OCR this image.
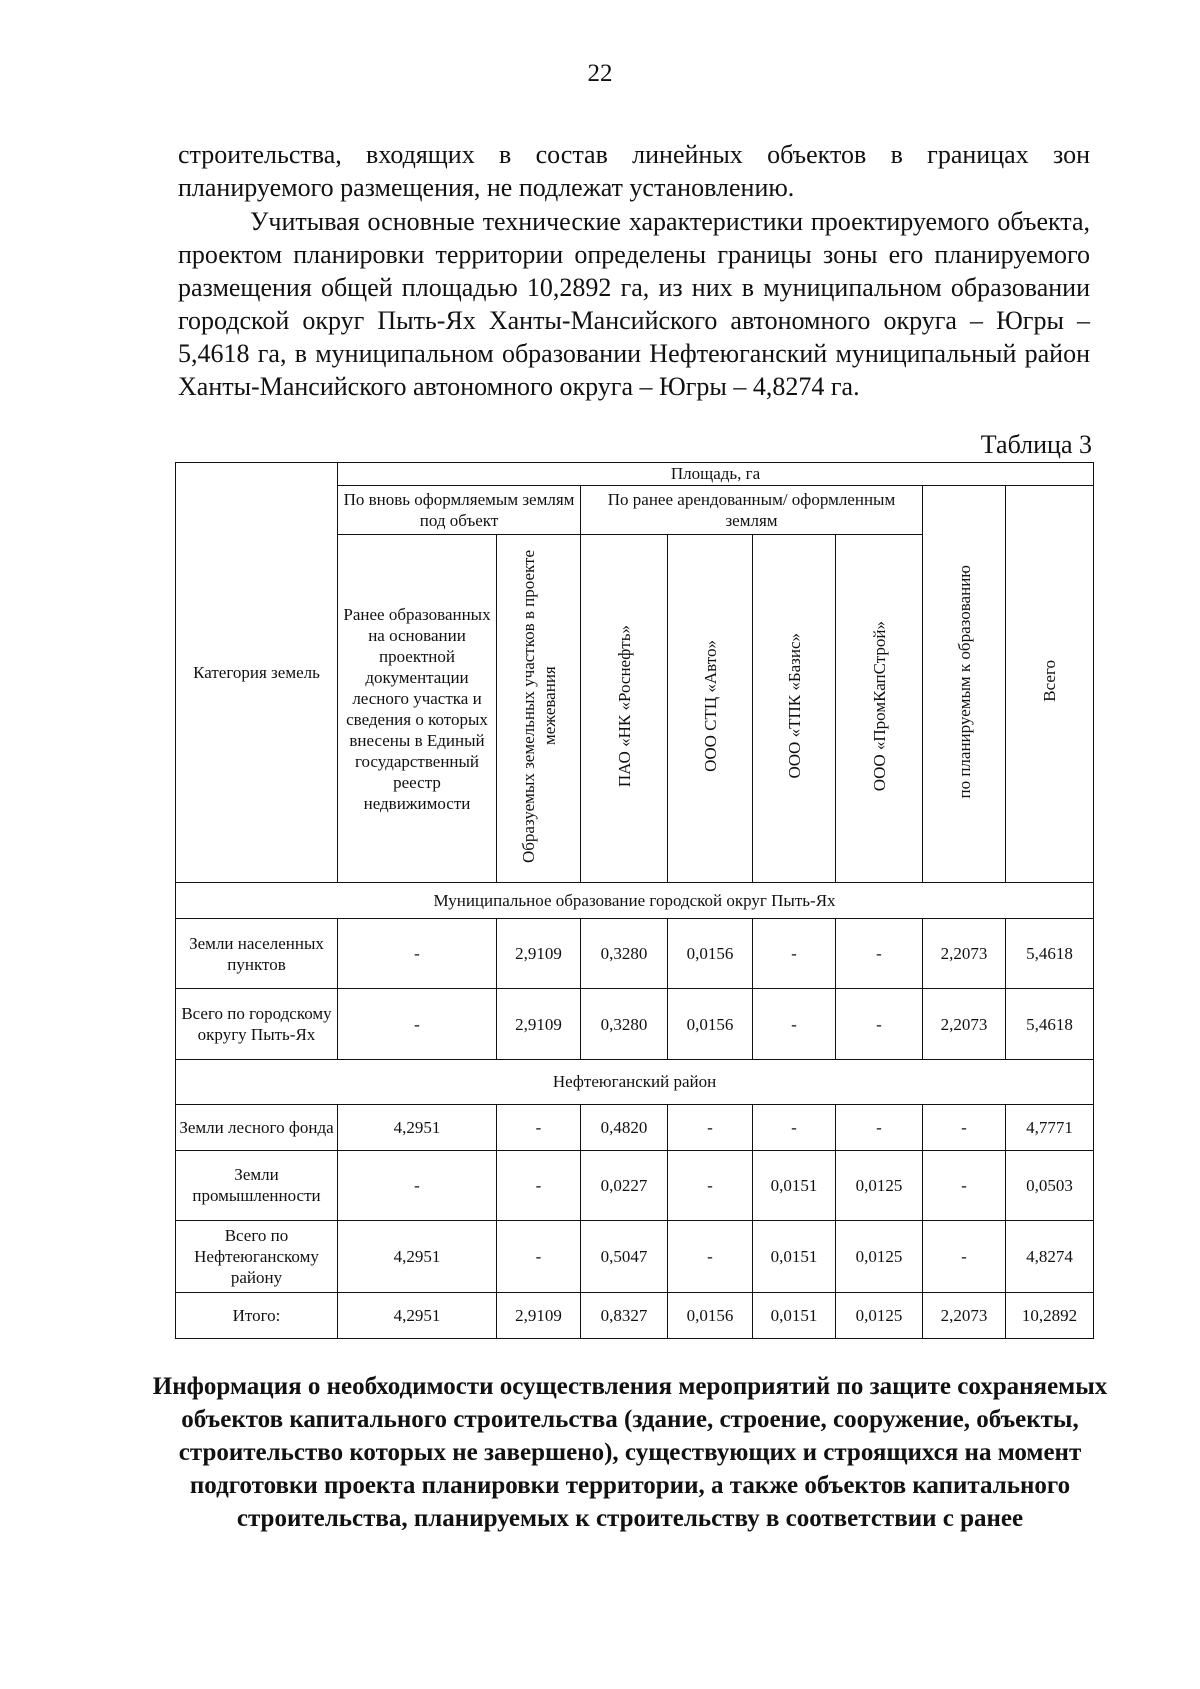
22

строительства, входящих в состав линейных объектов в границах зон планируемого размещения, не подлежат установлению.

Учитывая основные технические характеристики проектируемого объекта, проектом планировки территории определены границы зоны его планируемого размещения общей площадью 10,2892 га, из них в муниципальном образовании городской округ Пыть-Ях Ханты-Мансийского автономного округа – Югры – 5,4618 га, в муниципальном образовании Нефтеюганский муниципальный район Ханты-Мансийского автономного округа – Югры – 4,8274 га.

Таблица 3
Категория земель	Площадь, га							
	По вновь оформляемым землям под объект		По ранее арендованным/ оформленным землям				по планируемым к образованию	Всего
	Ранее образованных на основании проектной документации лесного участка и сведения о которых внесены в Единый государственный реестр недвижимости	Образуемых земельных участков в проекте межевания	ПАО «НК «Роснефть»	ООО СТЦ «Авто»	ООО «ТПК «Базис»	ООО «ПромКапСтрой»		
Муниципальное образование городской округ Пыть-Ях								
Земли населенных пунктов	-	2,9109	0,3280	0,0156	-	-	2,2073	5,4618
Всего по городскому округу Пыть-Ях	-	2,9109	0,3280	0,0156	-	-	2,2073	5,4618
Нефтеюганский район								
Земли лесного фонда	4,2951	-	0,4820	-	-	-	-	4,7771
Земли промышленности	-	-	0,0227	-	0,0151	0,0125	-	0,0503
Всего по Нефтеюганскому району	4,2951	-	0,5047	-	0,0151	0,0125	-	4,8274
Итого:	4,2951	2,9109	0,8327	0,0156	0,0151	0,0125	2,2073	10,2892
Информация о необходимости осуществления мероприятий по защите сохраняемых объектов капитального строительства (здание, строение, сооружение, объекты, строительство которых не завершено), существующих и строящихся на момент подготовки проекта планировки территории, а также объектов капитального строительства, планируемых к строительству в соответствии с ранее
